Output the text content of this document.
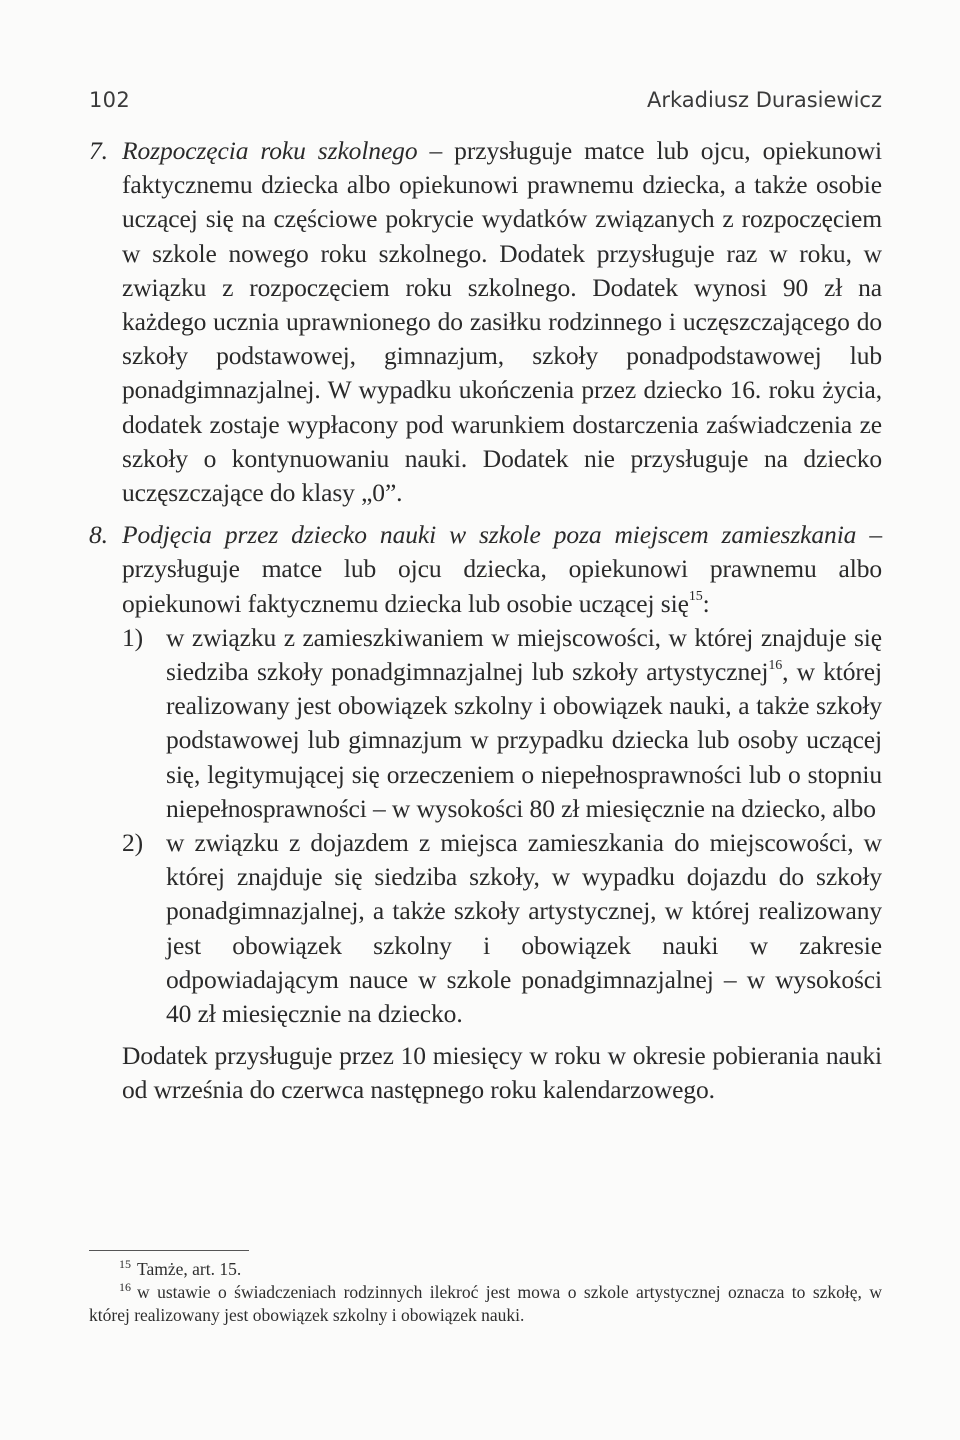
102	Arkadiusz Durasiewicz

7. Rozpoczęcia roku szkolnego – przysługuje matce lub ojcu, opiekunowi faktycznemu dziecka albo opiekunowi prawnemu dziecka, a także osobie uczącej się na częściowe pokrycie wydatków związanych z rozpoczęciem w szkole nowego roku szkolnego. Dodatek przysługuje raz w roku, w związku z rozpoczęciem roku szkolnego. Dodatek wynosi 90 zł na każdego ucznia uprawnionego do zasiłku rodzinnego i uczęszczającego do szkoły podstawowej, gimnazjum, szkoły ponadpodstawowej lub ponadgimnazjalnej. W wypadku ukończenia przez dziecko 16. roku życia, dodatek zostaje wypłacony pod warunkiem dostarczenia zaświadczenia ze szkoły o kontynuowaniu nauki. Dodatek nie przysługuje na dziecko uczęszczające do klasy „0”.

8. Podjęcia przez dziecko nauki w szkole poza miejscem zamieszkania – przysługuje matce lub ojcu dziecka, opiekunowi prawnemu albo opiekunowi faktycznemu dziecka lub osobie uczącej się$^{15}$:

1) w związku z zamieszkiwaniem w miejscowości, w której znajduje się siedziba szkoły ponadgimnazjalnej lub szkoły artystycznej$^{16}$, w której realizowany jest obowiązek szkolny i obowiązek nauki, a także szkoły podstawowej lub gimnazjum w przypadku dziecka lub osoby uczącej się, legitymującej się orzeczeniem o niepełnosprawności lub o stopniu niepełnosprawności – w wysokości 80 zł miesięcznie na dziecko, albo

2) w związku z dojazdem z miejsca zamieszkania do miejscowości, w której znajduje się siedziba szkoły, w wypadku dojazdu do szkoły ponadgimnazjalnej, a także szkoły artystycznej, w której realizowany jest obowiązek szkolny i obowiązek nauki w zakresie odpowiadającym nauce w szkole ponadgimnazjalnej – w wysokości 40 zł miesięcznie na dziecko.

Dodatek przysługuje przez 10 miesięcy w roku w okresie pobierania nauki od września do czerwca następnego roku kalendarzowego.

$^{15}$ Tamże, art. 15.

$^{16}$ w ustawie o świadczeniach rodzinnych ilekroć jest mowa o szkole artystycznej oznacza to szkołę, w której realizowany jest obowiązek szkolny i obowiązek nauki.
